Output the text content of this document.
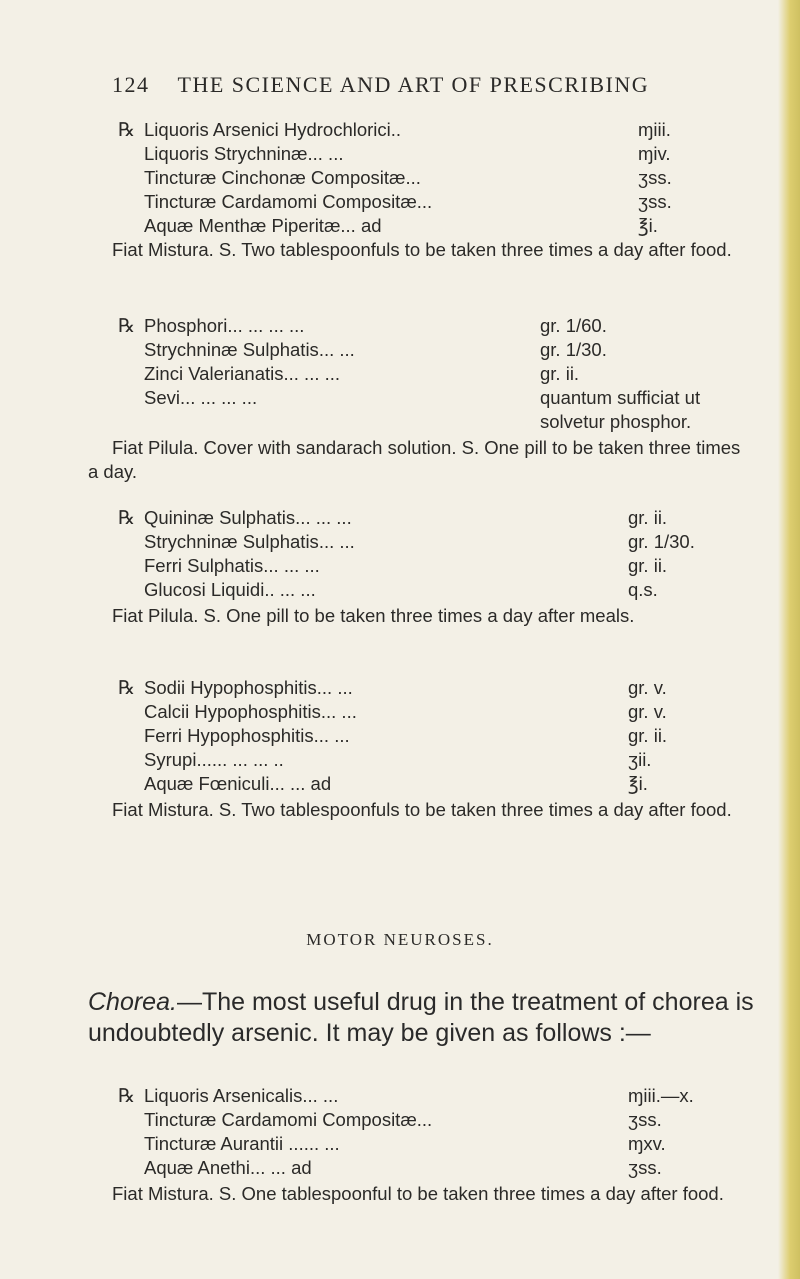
124 THE SCIENCE AND ART OF PRESCRIBING
℞ Liquoris Arsenici Hydrochlorici ..	ɱiii.
Liquoris Strychninæ ... ...	ɱiv.
Tincturæ Cinchonæ Compositæ ...	ʒss.
Tincturæ Cardamomi Compositæ ...	ʒss.
Aquæ Menthæ Piperitæ ... ad	℥i.

Fiat Mistura. S. Two tablespoonfuls to be taken three times a day after food.

℞ Phosphori ... ... ... ...	gr. 1/60.
Strychninæ Sulphatis ... ...	gr. 1/30.
Zinci Valerianatis ... ... ...	gr. ii.
Sevi ... ... ... ...	quantum sufficiat ut
solvetur phosphor.

Fiat Pilula. Cover with sandarach solution. S. One pill to be taken three times a day.

℞ Quininæ Sulphatis ... ... ...	gr. ii.
Strychninæ Sulphatis ... ...	gr. 1/30.
Ferri Sulphatis ... ... ...	gr. ii.
Glucosi Liquidi .. ... ...	q.s.

Fiat Pilula. S. One pill to be taken three times a day after meals.

℞ Sodii Hypophosphitis ... ...	gr. v.
Calcii Hypophosphitis ... ...	gr. v.
Ferri Hypophosphitis ... ...	gr. ii.
Syrupi... ... ... ... ..	ʒii.
Aquæ Fœniculi ... ... ad	℥i.

Fiat Mistura. S. Two tablespoonfuls to be taken three times a day after food.

MOTOR NEUROSES.
Chorea.—The most useful drug in the treatment of chorea is undoubtedly arsenic. It may be given as follows :—
℞ Liquoris Arsenicalis ... ...	ɱiii.—x.
Tincturæ Cardamomi Compositæ...	ʒss.
Tincturæ Aurantii ... ... ...	ɱxv.
Aquæ Anethi ... ... ad	ʒss.

Fiat Mistura. S. One tablespoonful to be taken three times a day after food.
